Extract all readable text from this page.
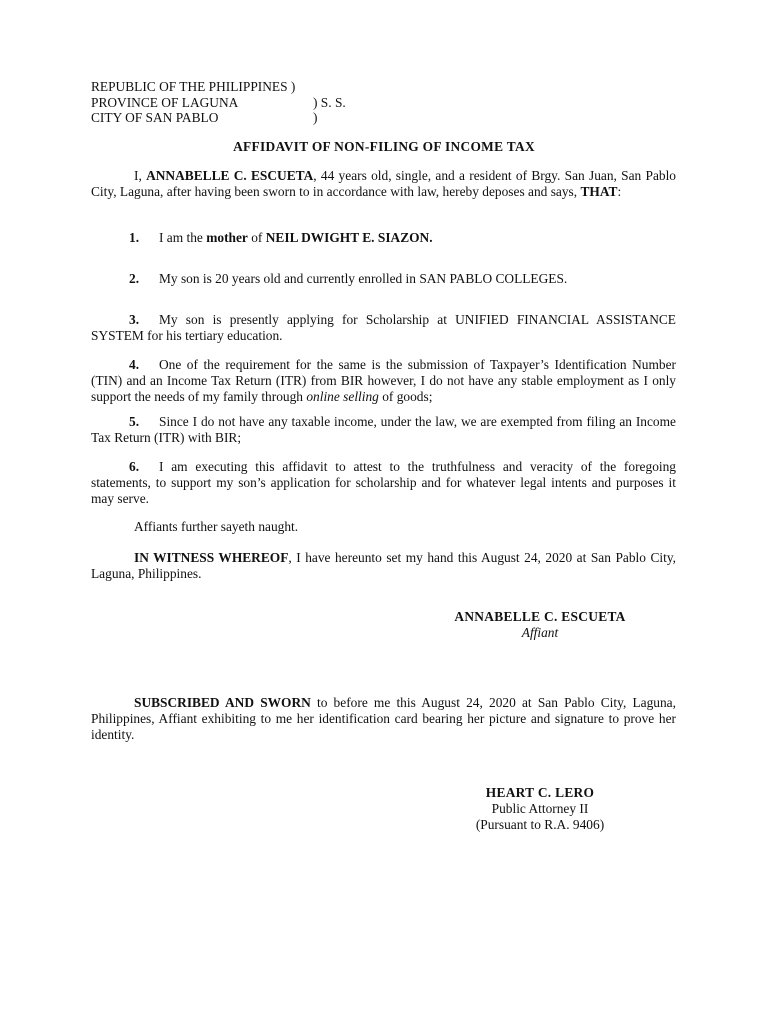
REPUBLIC OF THE PHILIPPINES )
PROVINCE OF LAGUNA	) S. S.
CITY OF SAN PABLO	)
AFFIDAVIT OF NON-FILING OF INCOME TAX

I, ANNABELLE C. ESCUETA, 44 years old, single, and a resident of Brgy. San Juan, San Pablo City, Laguna, after having been sworn to in accordance with law, hereby deposes and says, THAT:

1. I am the mother of NEIL DWIGHT E. SIAZON.

2. My son is 20 years old and currently enrolled in SAN PABLO COLLEGES.

3. My son is presently applying for Scholarship at UNIFIED FINANCIAL ASSISTANCE SYSTEM for his tertiary education.

4. One of the requirement for the same is the submission of Taxpayer’s Identification Number (TIN) and an Income Tax Return (ITR) from BIR however, I do not have any stable employment as I only support the needs of my family through online selling of goods;

5. Since I do not have any taxable income, under the law, we are exempted from filing an Income Tax Return (ITR) with BIR;

6. I am executing this affidavit to attest to the truthfulness and veracity of the foregoing statements, to support my son’s application for scholarship and for whatever legal intents and purposes it may serve.

Affiants further sayeth naught.

IN WITNESS WHEREOF, I have hereunto set my hand this August 24, 2020 at San Pablo City, Laguna, Philippines.

ANNABELLE C. ESCUETA
Affiant

SUBSCRIBED AND SWORN to before me this August 24, 2020 at San Pablo City, Laguna, Philippines, Affiant exhibiting to me her identification card bearing her picture and signature to prove her identity.

HEART C. LERO
Public Attorney II
(Pursuant to R.A. 9406)
